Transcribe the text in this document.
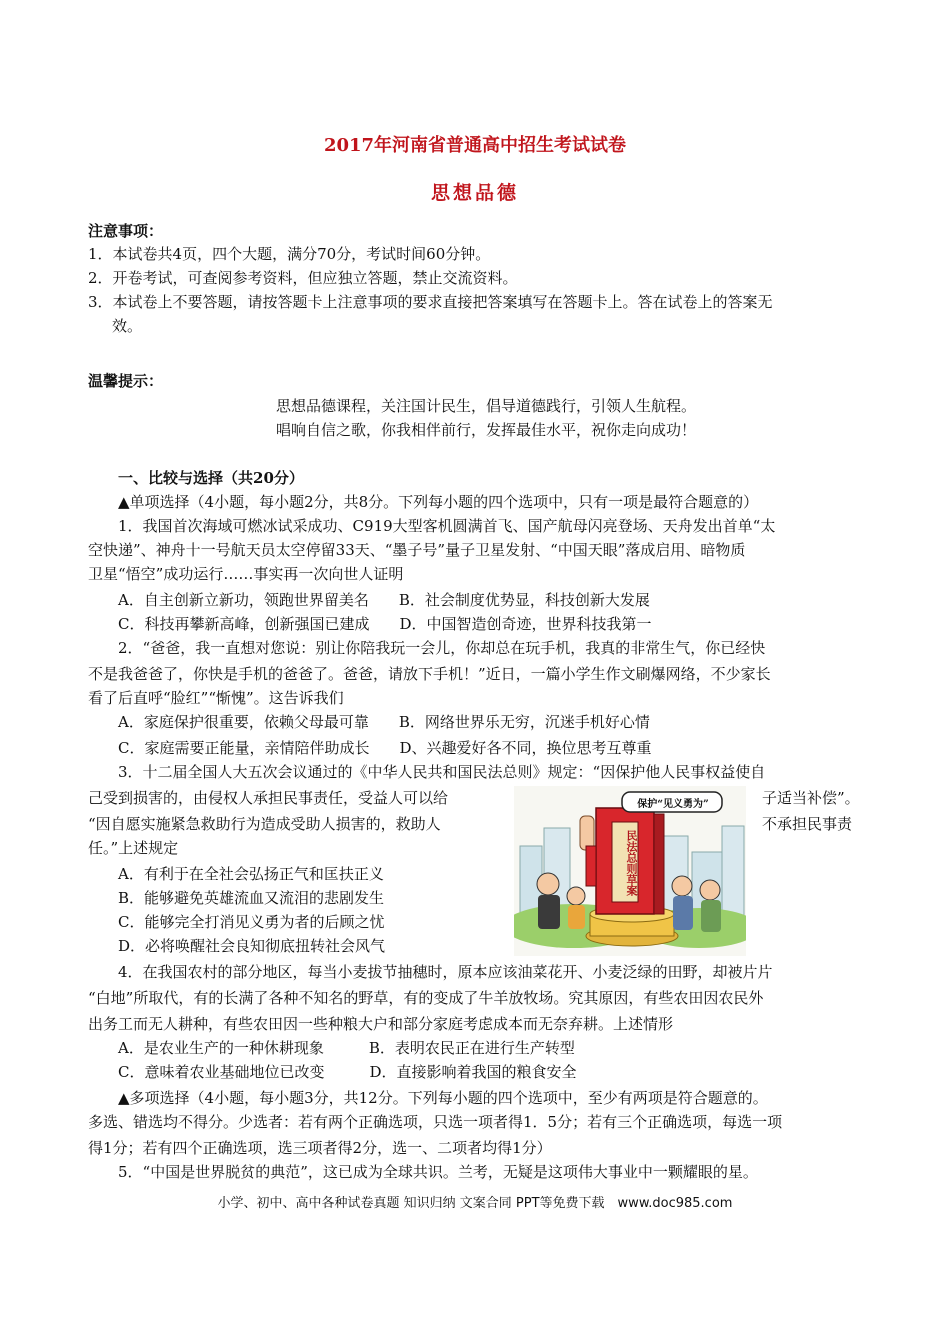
2017年河南省普通高中招生考试试卷
思想品德
注意事项：
1．本试卷共4页，四个大题，满分70分，考试时间60分钟。
2．开卷考试，可查阅参考资料，但应独立答题，禁止交流资料。
3．本试卷上不要答题，请按答题卡上注意事项的要求直接把答案填写在答题卡上。答在试卷上的答案无
效。
温馨提示：
思想品德课程，关注国计民生，倡导道德践行，引领人生航程。
唱响自信之歌，你我相伴前行，发挥最佳水平，祝你走向成功！
一、比较与选择（共20分）
▲单项选择（4小题，每小题2分，共8分。下列每小题的四个选项中，只有一项是最符合题意的）
1．我国首次海域可燃冰试采成功、C919大型客机圆满首飞、国产航母闪亮登场、天舟发出首单“太
空快递”、神舟十一号航天员太空停留33天、“墨子号”量子卫星发射、“中国天眼”落成启用、暗物质
卫星“悟空”成功运行……事实再一次向世人证明
A．自主创新立新功，领跑世界留美名　　B．社会制度优势显，科技创新大发展
C．科技再攀新高峰，创新强国已建成　　D．中国智造创奇迹，世界科技我第一
2．“爸爸，我一直想对您说：别让你陪我玩一会儿，你却总在玩手机，我真的非常生气，你已经快
不是我爸爸了，你快是手机的爸爸了。爸爸，请放下手机！”近日，一篇小学生作文刷爆网络，不少家长
看了后直呼“脸红”“惭愧”。这告诉我们
A．家庭保护很重要，依赖父母最可靠　　B．网络世界乐无穷，沉迷手机好心情
C．家庭需要正能量，亲情陪伴助成长　　D、兴趣爱好各不同，换位思考互尊重
3．十二届全国人大五次会议通过的《中华人民共和国民法总则》规定：“因保护他人民事权益使自
己受到损害的，由侵权人承担民事责任，受益人可以给	子适当补偿”。
“因自愿实施紧急救助行为造成受助人损害的，救助人	不承担民事责
任。”上述规定
A．有利于在全社会弘扬正气和匡扶正义
B．能够避免英雄流血又流泪的悲剧发生
C．能够完全打消见义勇为者的后顾之忧
D．必将唤醒社会良知彻底扭转社会风气
保护“见义勇为”
民法总则草案
4．在我国农村的部分地区，每当小麦拔节抽穗时，原本应该油菜花开、小麦泛绿的田野，却被片片
“白地”所取代，有的长满了各种不知名的野草，有的变成了牛羊放牧场。究其原因，有些农田因农民外
出务工而无人耕种，有些农田因一些种粮大户和部分家庭考虑成本而无奈弃耕。上述情形
A．是农业生产的一种休耕现象　　　B．表明农民正在进行生产转型
C．意味着农业基础地位已改变　　　D．直接影响着我国的粮食安全
▲多项选择（4小题，每小题3分，共12分。下列每小题的四个选项中，至少有两项是符合题意的。
多选、错选均不得分。少选者：若有两个正确选项，只选一项者得1．5分；若有三个正确选项，每选一项
得1分；若有四个正确选项，选三项者得2分，选一、二项者均得1分）
5．“中国是世界脱贫的典范”，这已成为全球共识。兰考，无疑是这项伟大事业中一颗耀眼的星。
小学、初中、高中各种试卷真题 知识归纳 文案合同 PPT等免费下载　www.doc985.com
